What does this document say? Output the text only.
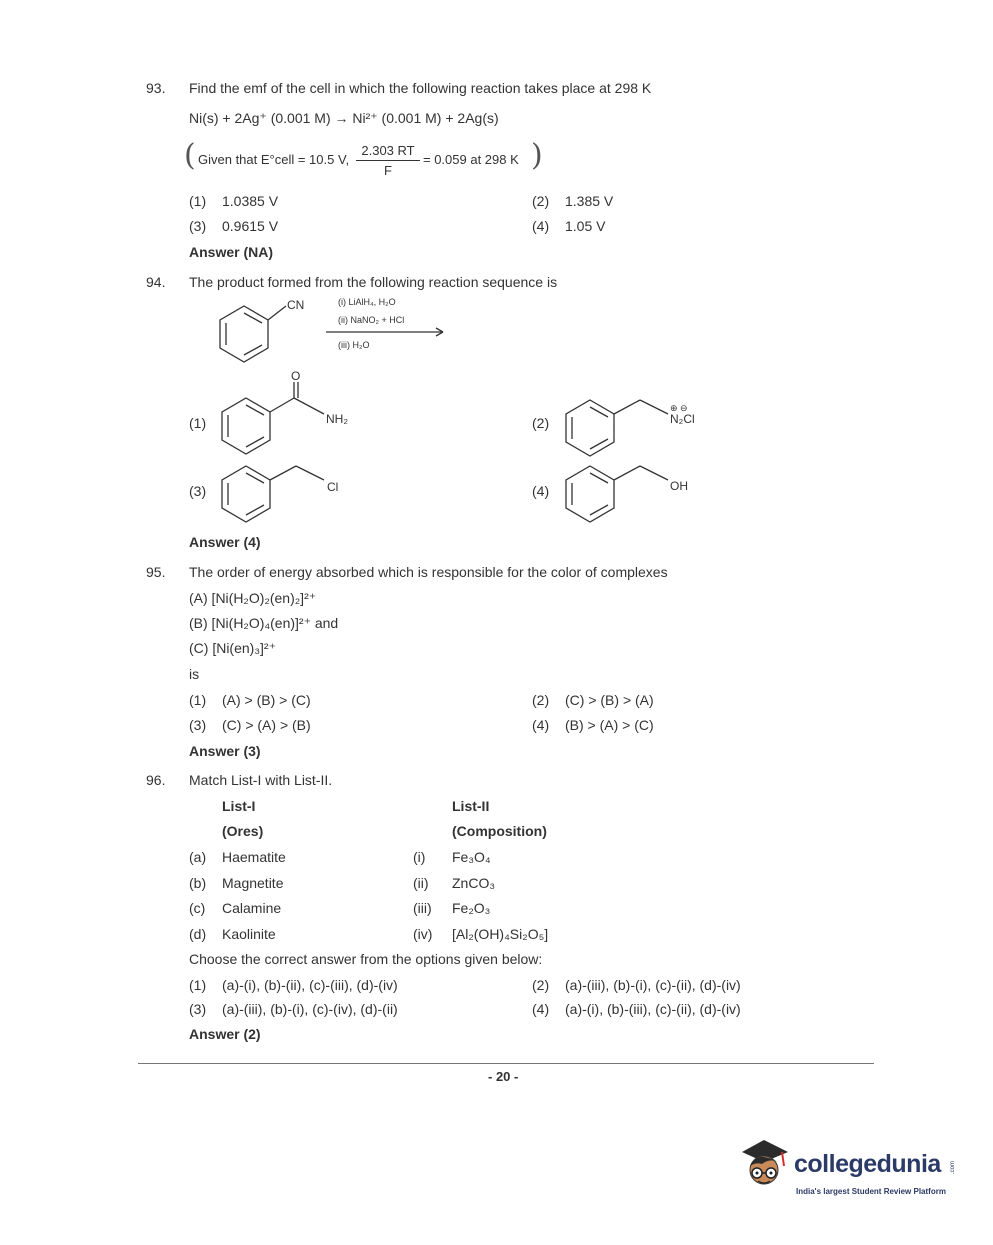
93. Find the emf of the cell in which the following reaction takes place at 298 K
Ni(s) + 2Ag⁺ (0.001 M) → Ni²⁺ (0.001 M) + 2Ag(s)
( Given that E°cell = 10.5 V,
2.303 RT
F
= 0.059 at 298 K )
(1) 1.0385 V	(2) 1.385 V
(3) 0.9615 V	(4) 1.05 V
Answer (NA)
94. The product formed from the following reaction sequence is
CN	(i) LiAlH₄, H₂O
(ii) NaNO₂ + HCl
(iii) H₂O
(1)
O
NH₂	(2)
⊕ ⊖
N₂Cl
(3)	Cl	(4)	OH
Answer (4)
95. The order of energy absorbed which is responsible for the color of complexes
(A) [Ni(H₂O)₂(en)₂]²⁺
(B) [Ni(H₂O)₄(en)]²⁺ and
(C) [Ni(en)₃]²⁺
is
(1) (A) > (B) > (C)	(2) (C) > (B) > (A)
(3) (C) > (A) > (B)	(4) (B) > (A) > (C)
Answer (3)
96. Match List-I with List-II.
List-I	List-II
(Ores)	(Composition)
(a) Haematite	(i) Fe₃O₄
(b) Magnetite	(ii) ZnCO₃
(c) Calamine	(iii) Fe₂O₃
(d) Kaolinite	(iv) [Al₂(OH)₄Si₂O₅]
Choose the correct answer from the options given below:
(1) (a)-(i), (b)-(ii), (c)-(iii), (d)-(iv)	(2) (a)-(iii), (b)-(i), (c)-(ii), (d)-(iv)
(3) (a)-(iii), (b)-(i), (c)-(iv), (d)-(ii)	(4) (a)-(i), (b)-(iii), (c)-(ii), (d)-(iv)
Answer (2)
- 20 -
collegedunia .com
India's largest Student Review Platform
